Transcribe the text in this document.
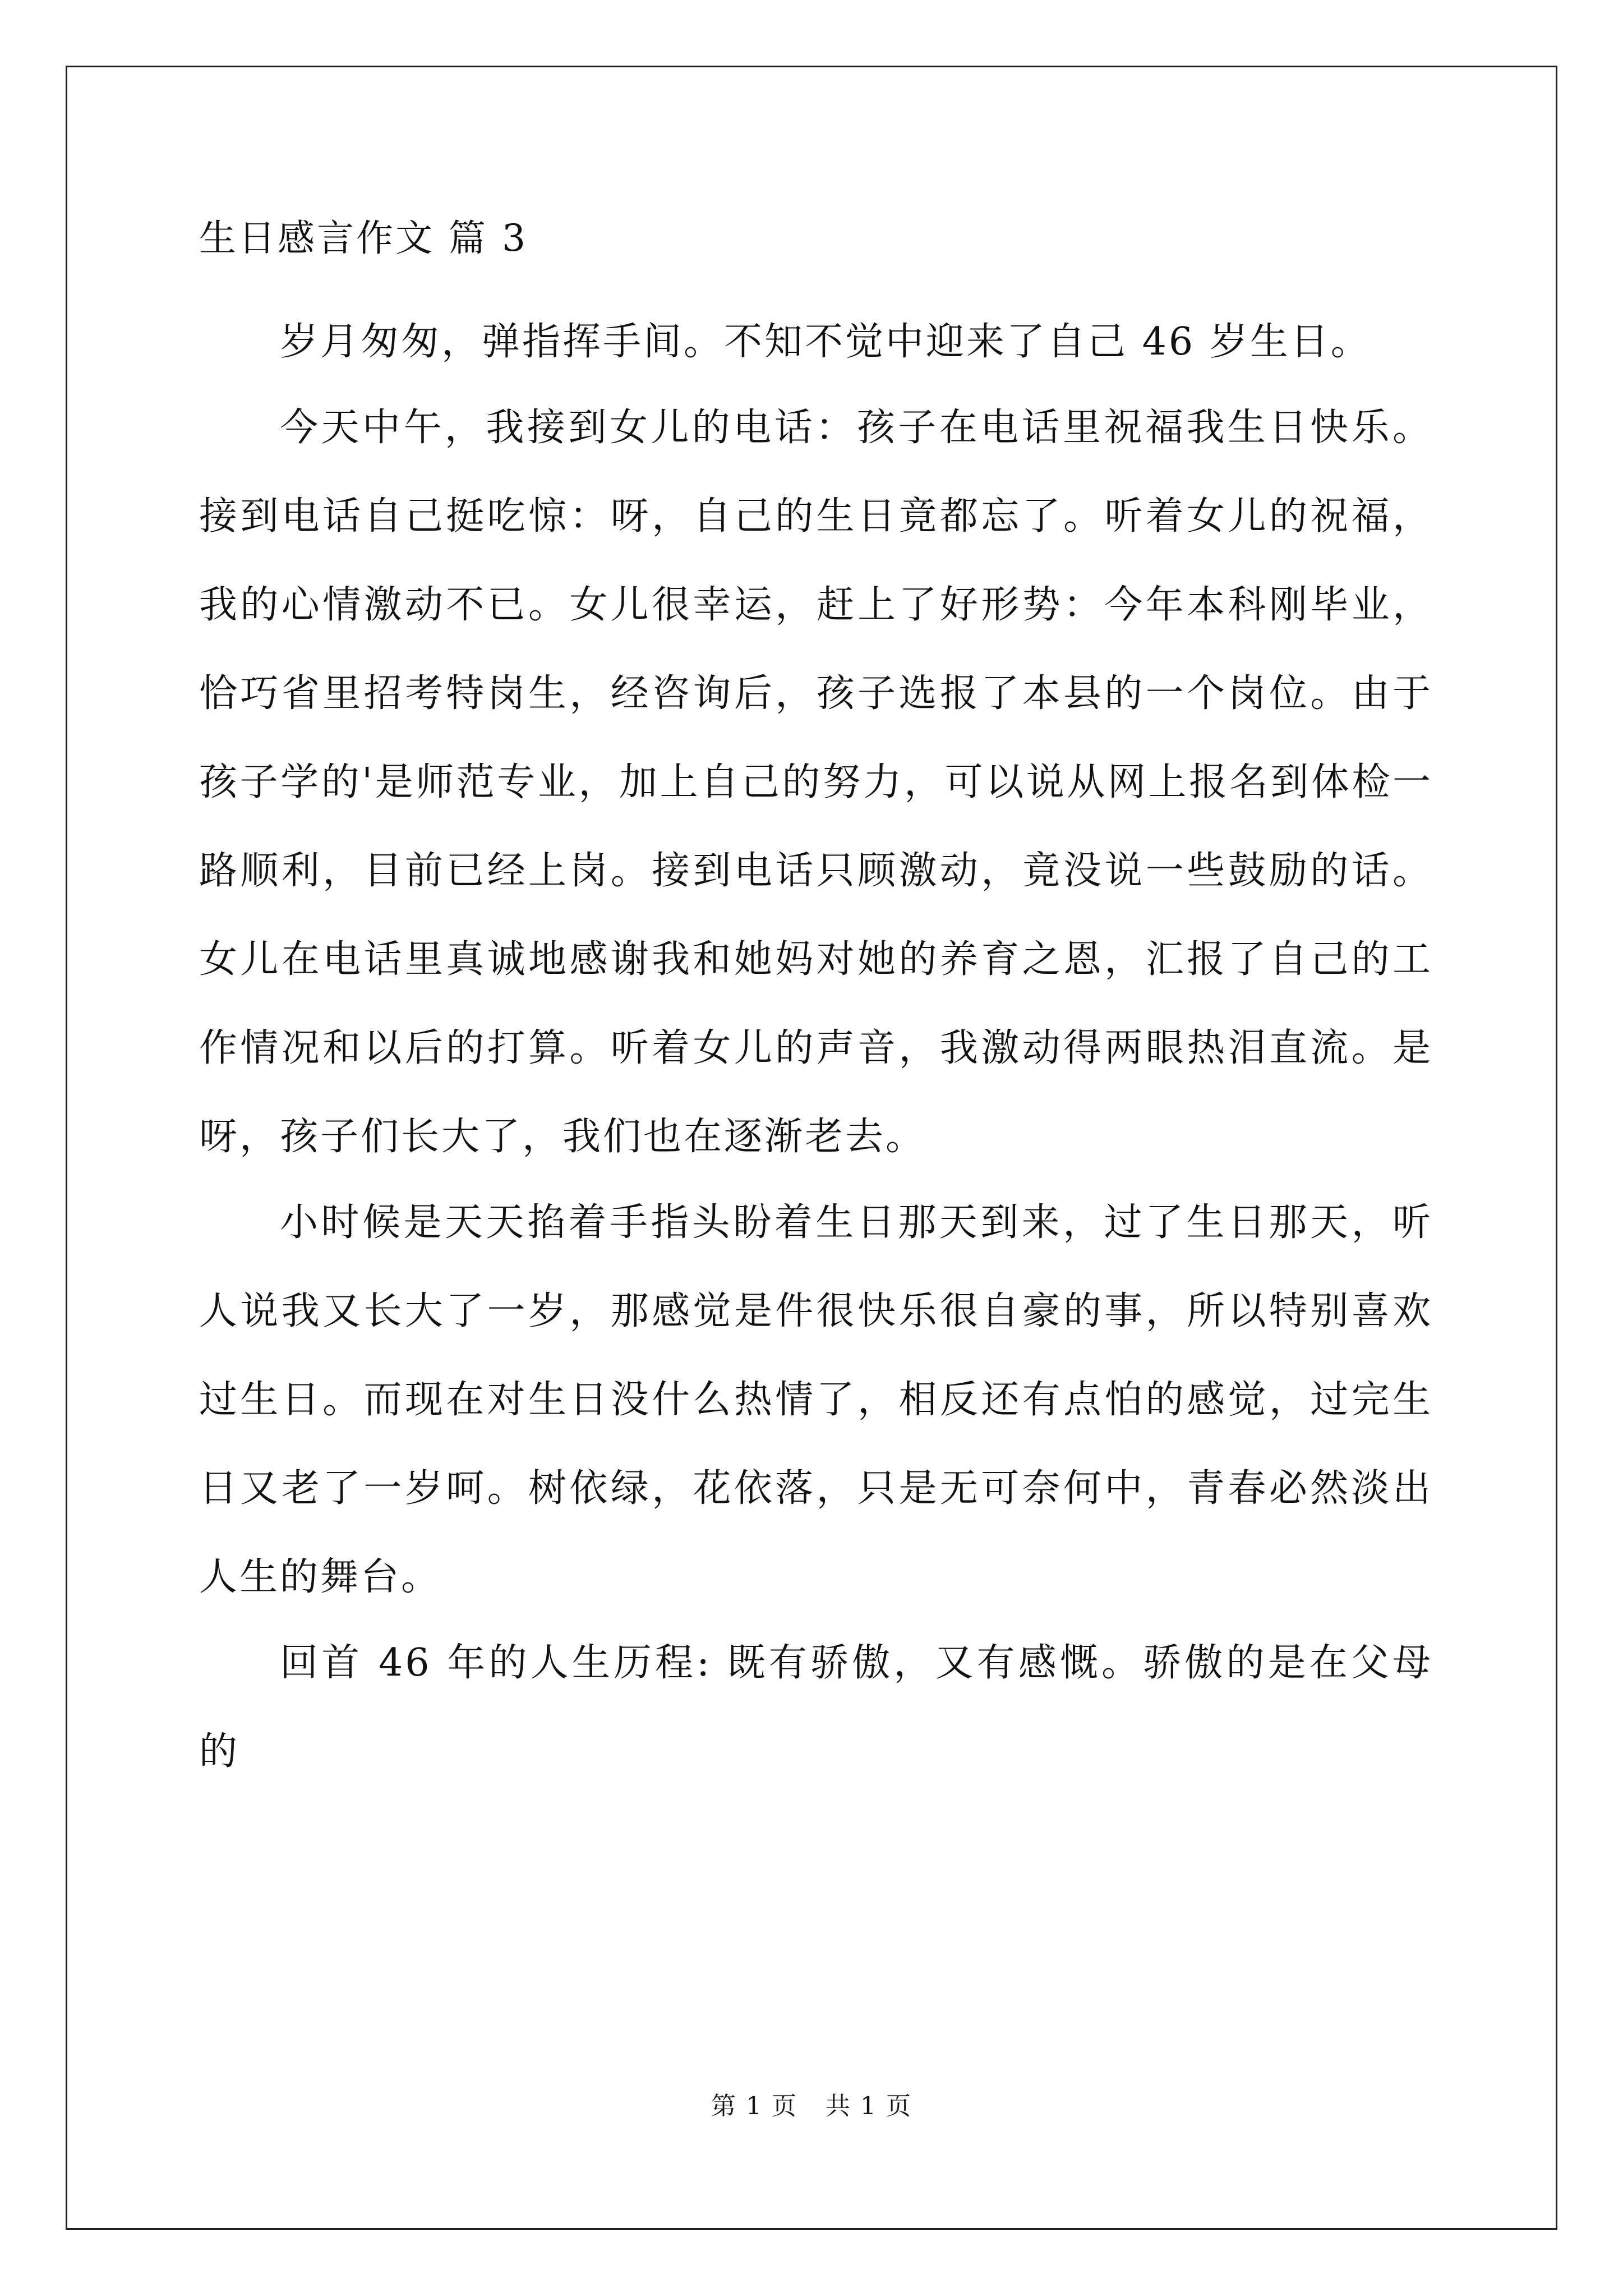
生日感言作文 篇 3

岁月匆匆，弹指挥手间。不知不觉中迎来了自己 46 岁生日。

今天中午，我接到女儿的电话：孩子在电话里祝福我生日快乐。接到电话自己挺吃惊：呀，自己的生日竟都忘了。听着女儿的祝福，我的心情激动不已。女儿很幸运，赶上了好形势：今年本科刚毕业，恰巧省里招考特岗生，经咨询后，孩子选报了本县的一个岗位。由于孩子学的'是师范专业，加上自己的努力，可以说从网上报名到体检一路顺利，目前已经上岗。接到电话只顾激动，竟没说一些鼓励的话。女儿在电话里真诚地感谢我和她妈对她的养育之恩，汇报了自己的工作情况和以后的打算。听着女儿的声音，我激动得两眼热泪直流。是呀，孩子们长大了，我们也在逐渐老去。

小时候是天天掐着手指头盼着生日那天到来，过了生日那天，听人说我又长大了一岁，那感觉是件很快乐很自豪的事，所以特别喜欢过生日。而现在对生日没什么热情了，相反还有点怕的感觉，过完生日又老了一岁呵。树依绿，花依落，只是无可奈何中，青春必然淡出人生的舞台。

回首 46 年的人生历程: 既有骄傲，又有感慨。骄傲的是在父母的

第 1 页 共 1 页
